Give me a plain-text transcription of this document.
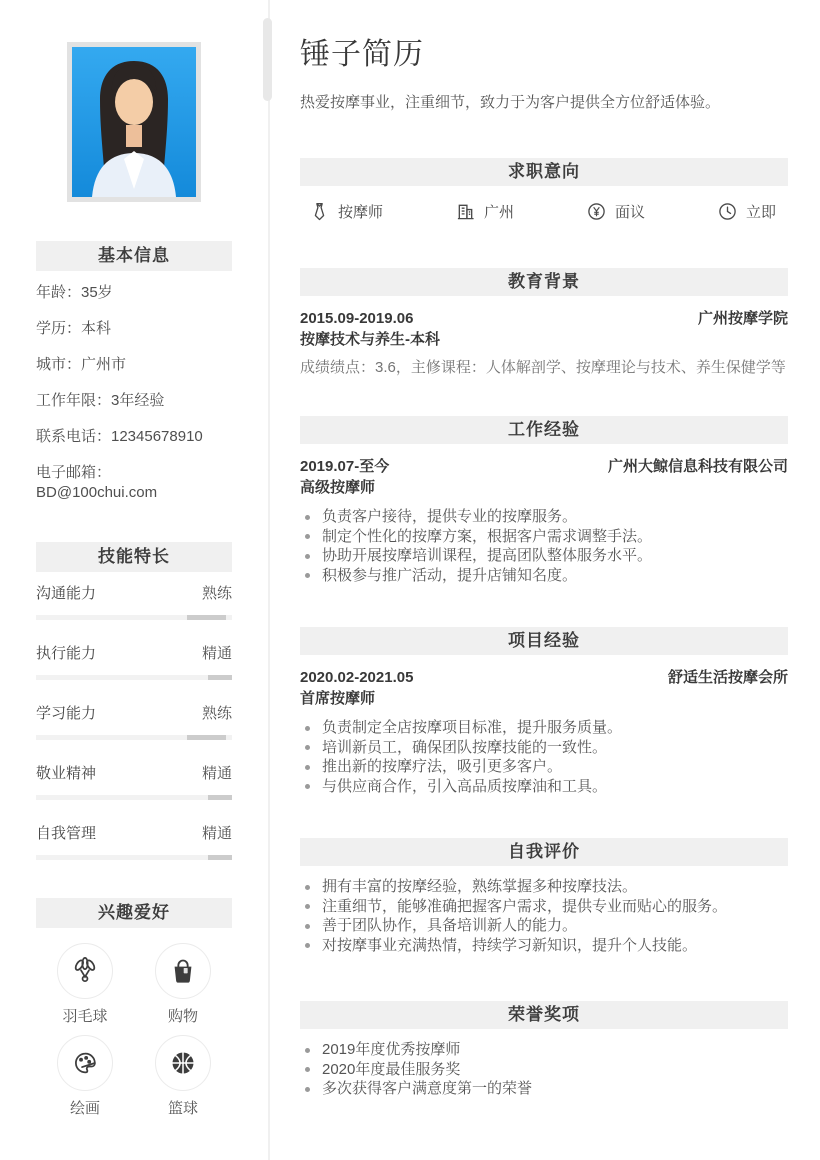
基本信息
年龄：35岁
学历：本科
城市：广州市
工作年限：3年经验
联系电话：12345678910
电子邮箱：BD@100chui.com
技能特长
沟通能力	熟练
执行能力	精通
学习能力	熟练
敬业精神	精通
自我管理	精通
兴趣爱好
羽毛球	购物
绘画	篮球
锤子简历

热爱按摩事业，注重细节，致力于为客户提供全方位舒适体验。

求职意向
按摩师	广州	面议	立即
教育背景
2015.09-2019.06	广州按摩学院
按摩技术与养生-本科
成绩绩点：3.6，主修课程：人体解剖学、按摩理论与技术、养生保健学等
工作经验
2019.07-至今	广州大鲸信息科技有限公司
高级按摩师
负责客户接待，提供专业的按摩服务。
制定个性化的按摩方案，根据客户需求调整手法。
协助开展按摩培训课程，提高团队整体服务水平。
积极参与推广活动，提升店铺知名度。
项目经验
2020.02-2021.05	舒适生活按摩会所
首席按摩师
负责制定全店按摩项目标准，提升服务质量。
培训新员工，确保团队按摩技能的一致性。
推出新的按摩疗法，吸引更多客户。
与供应商合作，引入高品质按摩油和工具。
自我评价
拥有丰富的按摩经验，熟练掌握多种按摩技法。
注重细节，能够准确把握客户需求，提供专业而贴心的服务。
善于团队协作，具备培训新人的能力。
对按摩事业充满热情，持续学习新知识，提升个人技能。
荣誉奖项
2019年度优秀按摩师
2020年度最佳服务奖
多次获得客户满意度第一的荣誉
